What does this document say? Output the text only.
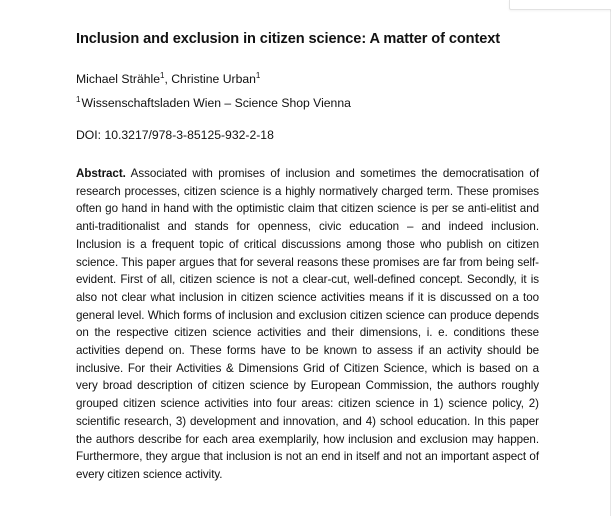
Inclusion and exclusion in citizen science: A matter of context
Michael Strähle$^1$, Christine Urban$^1$
$^1$ Wissenschaftsladen Wien – Science Shop Vienna
DOI: 10.3217/978-3-85125-932-2-18
Abstract. Associated with promises of inclusion and sometimes the democratisation of research processes, citizen science is a highly normatively charged term. These promises often go hand in hand with the optimistic claim that citizen science is per se anti-elitist and anti-traditionalist and stands for openness, civic education – and indeed inclusion. Inclusion is a frequent topic of critical discussions among those who publish on citizen science. This paper argues that for several reasons these promises are far from being self-evident. First of all, citizen science is not a clear-cut, well-defined concept. Secondly, it is also not clear what inclusion in citizen science activities means if it is discussed on a too general level. Which forms of inclusion and exclusion citizen science can produce depends on the respective citizen science activities and their dimensions, i. e. conditions these activities depend on. These forms have to be known to assess if an activity should be inclusive. For their Activities & Dimensions Grid of Citizen Science, which is based on a very broad description of citizen science by European Commission, the authors roughly grouped citizen science activities into four areas: citizen science in 1) science policy, 2) scientific research, 3) development and innovation, and 4) school education. In this paper the authors describe for each area exemplarily, how inclusion and exclusion may happen. Furthermore, they argue that inclusion is not an end in itself and not an important aspect of every citizen science activity.
